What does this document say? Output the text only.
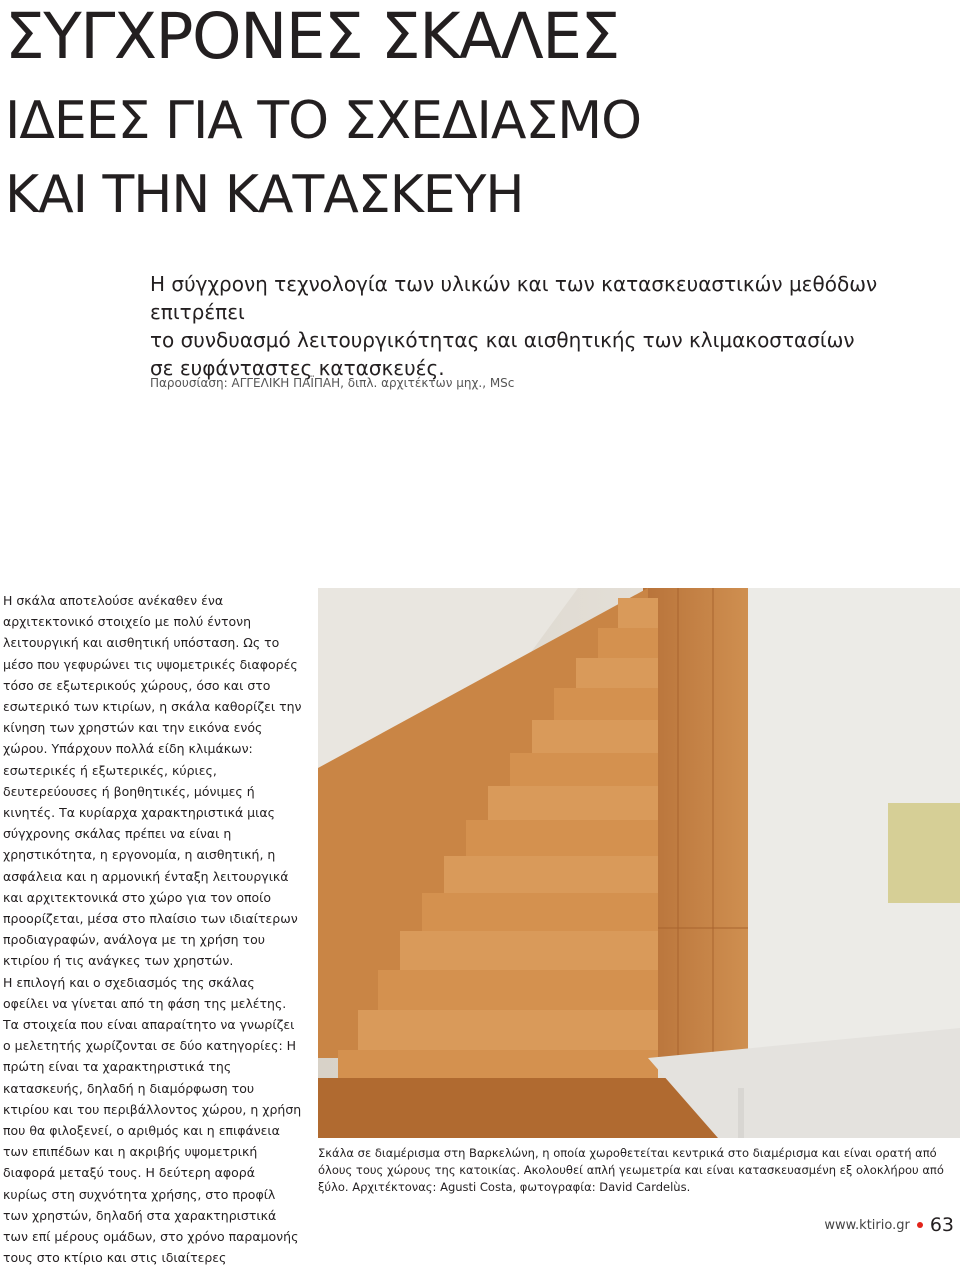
ΣΥΓΧΡΟΝΕΣ ΣΚΑΛΕΣ
ΙΔΕΕΣ ΓΙΑ ΤΟ ΣΧΕΔΙΑΣΜΟ
ΚΑΙ ΤΗΝ ΚΑΤΑΣΚΕΥΗ

Η σύγχρονη τεχνολογία των υλικών και των κατασκευαστικών μεθόδων επιτρέπει
το συνδυασμό λειτουργικότητας και αισθητικής των κλιμακοστασίων
σε ευφάνταστες κατασκευές.

Παρουσίαση: ΑΓΓΕΛΙΚΗ ΠΑΪΠΑΗ, διπλ. αρχιτέκτων μηχ., MSc

Η σκάλα αποτελούσε ανέκαθεν ένα αρχιτεκτονικό στοιχείο με πολύ έντονη λειτουργική και αισθητική υπόσταση. Ως το μέσο που γεφυρώνει τις υψομετρικές διαφορές τόσο σε εξωτερικούς χώρους, όσο και στο εσωτερικό των κτιρίων, η σκάλα καθορίζει την κίνηση των χρηστών και την εικόνα ενός χώρου. Υπάρχουν πολλά είδη κλιμάκων: εσωτερικές ή εξωτερικές, κύριες, δευτερεύουσες ή βοηθητικές, μόνιμες ή κινητές. Τα κυρίαρχα χαρακτηριστικά μιας σύγχρονης σκάλας πρέπει να είναι η χρηστικότητα, η εργονομία, η αισθητική, η ασφάλεια και η αρμονική ένταξη λειτουργικά και αρχιτεκτονικά στο χώρο για τον οποίο προορίζεται, μέσα στο πλαίσιο των ιδιαίτερων προδιαγραφών, ανάλογα με τη χρήση του κτιρίου ή τις ανάγκες των χρηστών.

Η επιλογή και ο σχεδιασμός της σκάλας οφείλει να γίνεται από τη φάση της μελέτης. Τα στοιχεία που είναι απαραίτητο να γνωρίζει ο μελετητής χωρίζονται σε δύο κατηγορίες: Η πρώτη είναι τα χαρακτηριστικά της κατασκευής, δηλαδή η διαμόρφωση του κτιρίου και του περιβάλλοντος χώρου, η χρήση που θα φιλοξενεί, ο αριθμός και η επιφάνεια των επιπέδων και η ακριβής υψομετρική διαφορά μεταξύ τους. Η δεύτερη αφορά κυρίως στη συχνότητα χρήσης, στο προφίλ των χρηστών, δηλαδή στα χαρακτηριστικά των επί μέρους ομάδων, στο χρόνο παραμονής τους στο κτίριο και στις ιδιαίτερες

Σκάλα σε διαμέρισμα στη Βαρκελώνη, η οποία χωροθετείται κεντρικά στο διαμέρισμα και είναι ορατή από όλους τους χώρους της κατοικίας. Ακολουθεί απλή γεωμετρία και είναι κατασκευασμένη εξ ολοκλήρου από ξύλο. Αρχιτέκτονας: Agusti Costa, φωτογραφία: David Cardelùs.

www.ktirio.gr 63
